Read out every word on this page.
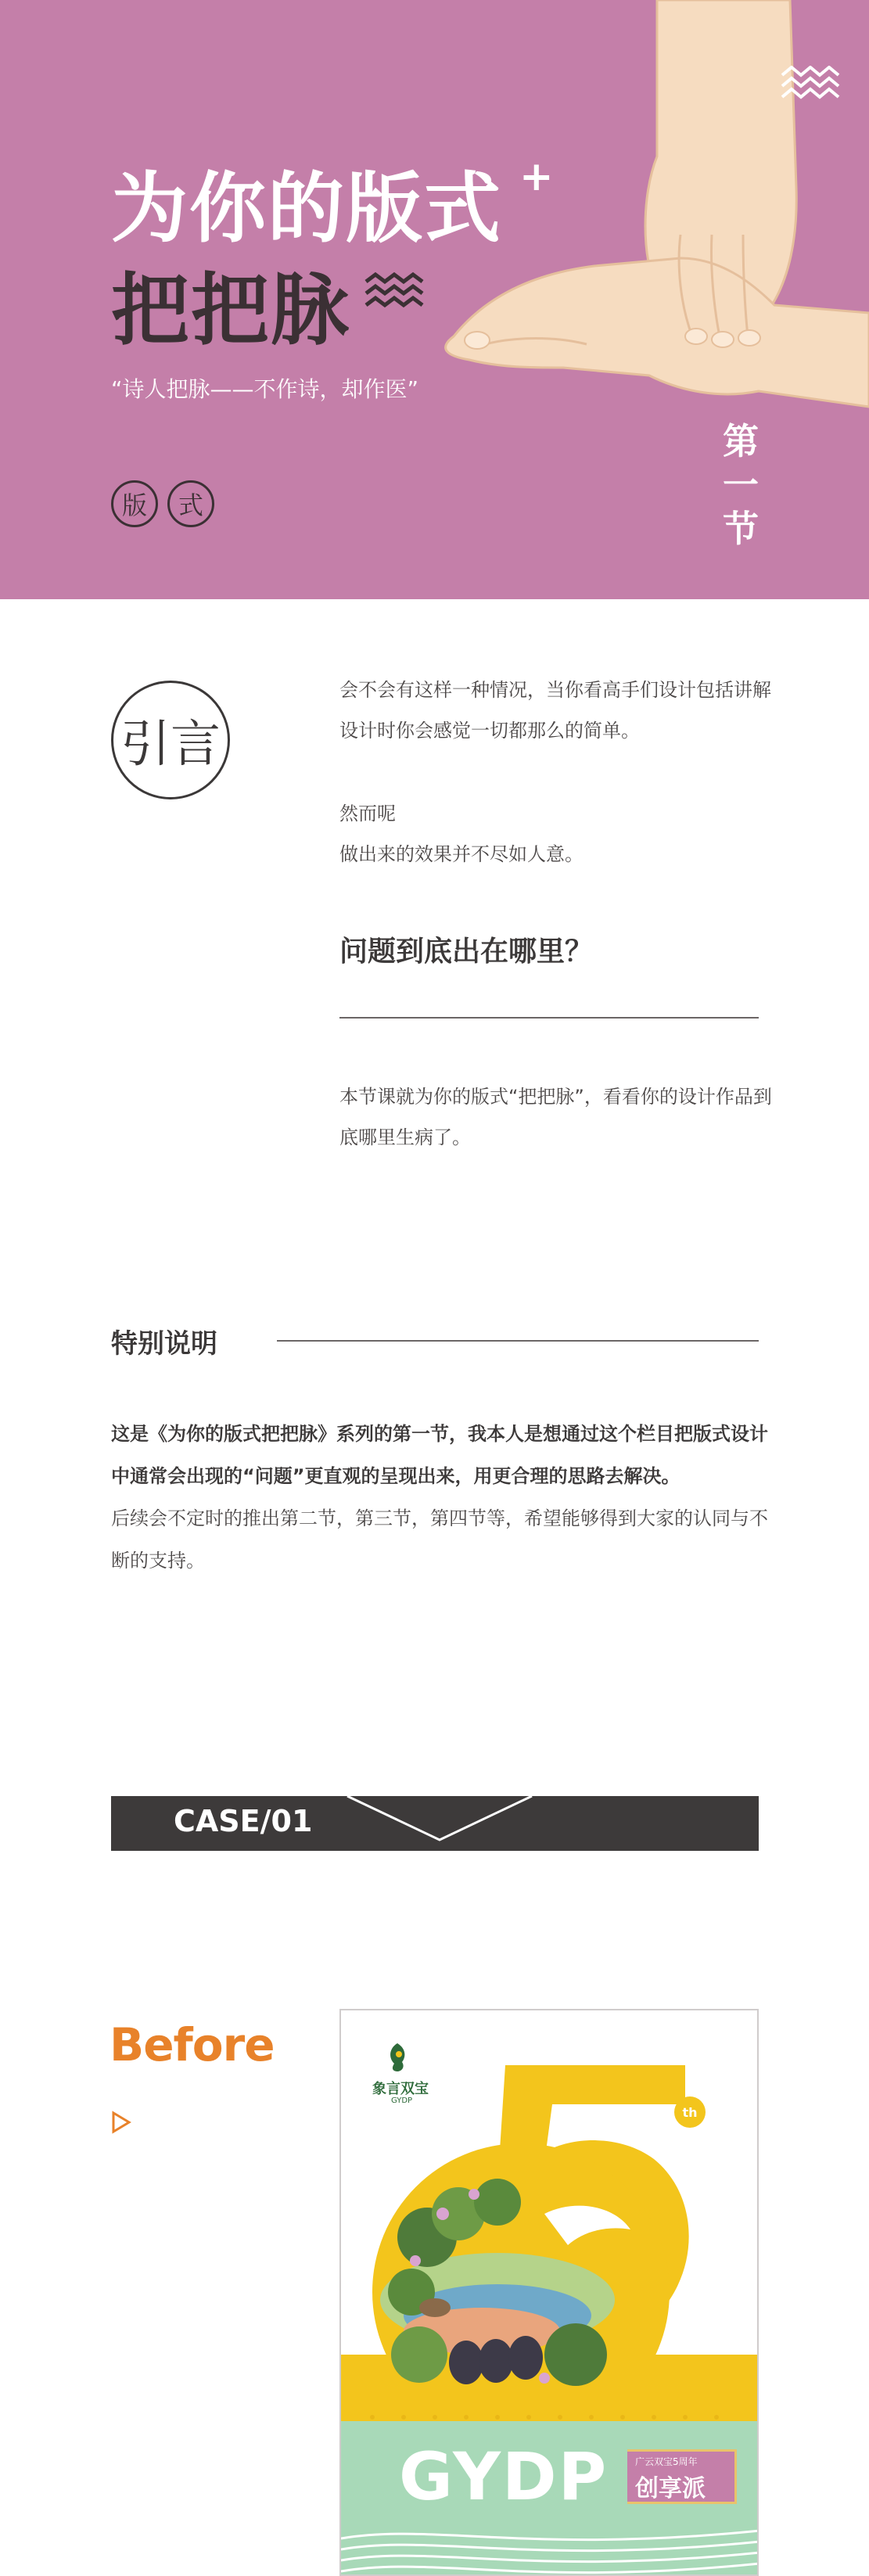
为你的版式 +
把把脉
“诗人把脉——不作诗，却作医”
版	式
第
一
节
引言

会不会有这样一种情况，当你看高手们设计包括讲解设计时你会感觉一切都那么的简单。

然而呢
做出来的效果并不尽如人意。
问题到底出在哪里？

本节课就为你的版式“把把脉”，看看你的设计作品到底哪里生病了。

特别说明
这是《为你的版式把把脉》系列的第一节，我本人是想通过这个栏目把版式设计中通常会出现的“问题”更直观的呈现出来，用更合理的思路去解决。
后续会不定时的推出第二节，第三节，第四节等，希望能够得到大家的认同与不断的支持。
CASE/01
Before
象言双宝
GYDP
th
GYDP	广云双宝5周年
创享派
